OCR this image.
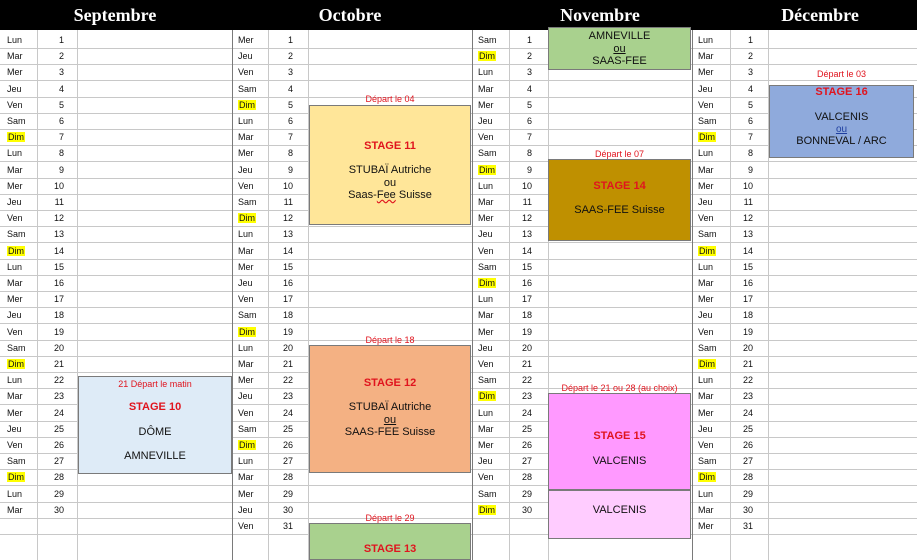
Septembre	Octobre	Novembre	Décembre
Lun	1
Mar	2
Mer	3
Jeu	4
Ven	5
Sam	6
Dim	7
Lun	8
Mar	9
Mer	10
Jeu	11
Ven	12
Sam	13
Dim	14
Lun	15
Mar	16
Mer	17
Jeu	18
Ven	19
Sam	20
Dim	21
Lun	22
Mar	23
Mer	24
Jeu	25
Ven	26
Sam	27
Dim	28
Lun	29
Mar	30
Mer	1
Jeu	2
Ven	3
Sam	4
Dim	5
Lun	6
Mar	7
Mer	8
Jeu	9
Ven	10
Sam	11
Dim	12
Lun	13
Mar	14
Mer	15
Jeu	16
Ven	17
Sam	18
Dim	19
Lun	20
Mar	21
Mer	22
Jeu	23
Ven	24
Sam	25
Dim	26
Lun	27
Mar	28
Mer	29
Jeu	30
Ven	31
Sam	1
Dim	2
Lun	3
Mar	4
Mer	5
Jeu	6
Ven	7
Sam	8
Dim	9
Lun	10
Mar	11
Mer	12
Jeu	13
Ven	14
Sam	15
Dim	16
Lun	17
Mar	18
Mer	19
Jeu	20
Ven	21
Sam	22
Dim	23
Lun	24
Mar	25
Mer	26
Jeu	27
Ven	28
Sam	29
Dim	30
Lun	1
Mar	2
Mer	3
Jeu	4
Ven	5
Sam	6
Dim	7
Lun	8
Mar	9
Mer	10
Jeu	11
Ven	12
Sam	13
Dim	14
Lun	15
Mar	16
Mer	17
Jeu	18
Ven	19
Sam	20
Dim	21
Lun	22
Mar	23
Mer	24
Jeu	25
Ven	26
Sam	27
Dim	28
Lun	29
Mar	30
Mer	31
AMNEVILLE
ou
SAAS-FEE
STAGE 16
VALCENIS
ou
BONNEVAL / ARC
STAGE 11
STUBAÏ Autriche
ou
Saas-Fee Suisse
STAGE 14
SAAS-FEE Suisse
STAGE 12
STUBAÏ Autriche
ou
SAAS-FEE Suisse
21 Départ le matin
STAGE 10
DÔME
AMNEVILLE
STAGE 15
VALCENIS
VALCENIS
STAGE 13
Départ le 03
Départ le 04
Départ le 07
Départ le 18
Départ le 21 ou 28 (au choix)
Départ le 29
